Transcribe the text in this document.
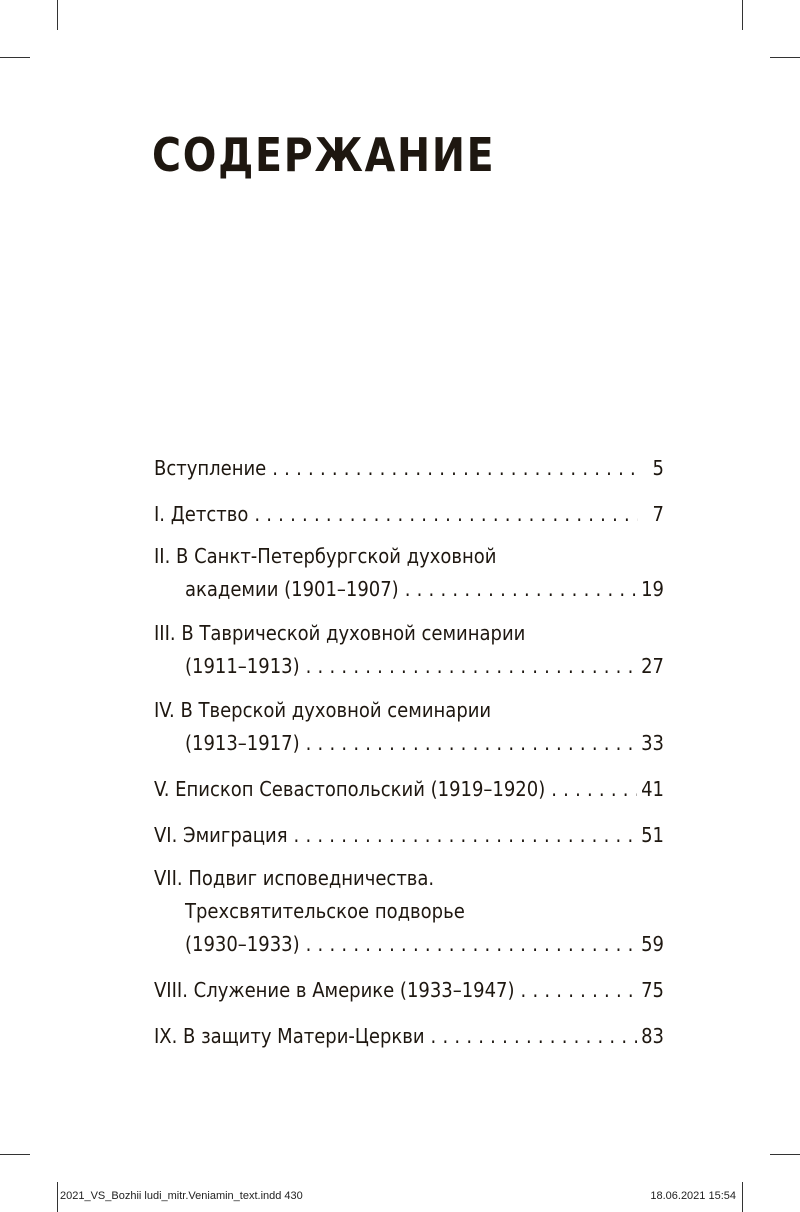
СОДЕРЖАНИЕ
Вступление . . .	5
I. Детство . . .	7
II. В Санкт-Петербургской духовной
академии (1901–1907) . . .	19
III. В Таврической духовной семинарии
(1911–1913) . . .	27
IV. В Тверской духовной семинарии
(1913–1917) . . .	33
V. Епископ Севастопольский (1919–1920) . . .	41
VI. Эмиграция . . .	51
VII. Подвиг исповедничества.
Трехсвятительское подворье
(1930–1933) . . .	59
VIII. Служение в Америке (1933–1947) . . .	75
IX. В защиту Матери-Церкви . . .	83
2021_VS_Bozhii ludi_mitr.Veniamin_text.indd 430	18.06.2021 15:54
